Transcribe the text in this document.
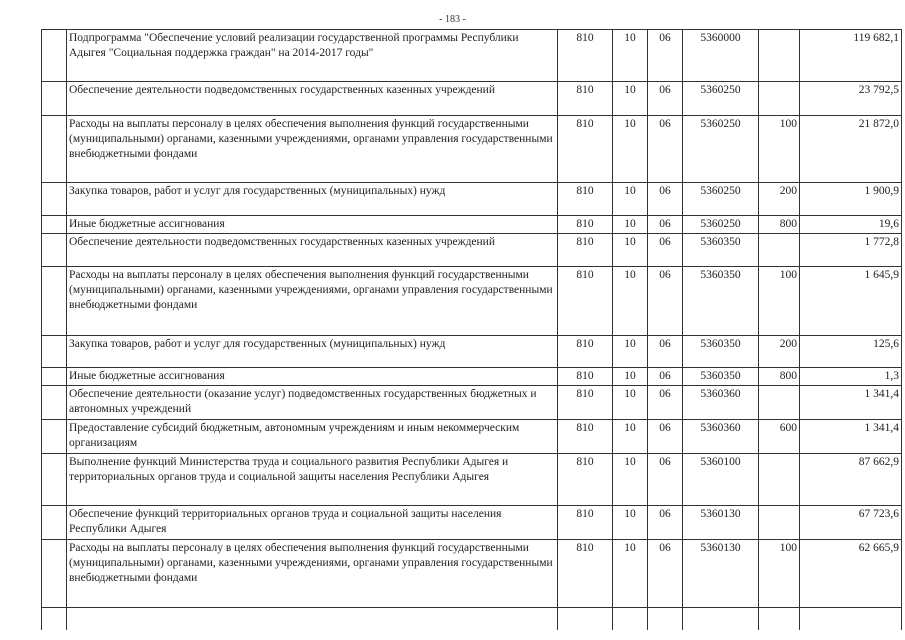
- 183 -
	Подпрограмма "Обеспечение условий реализации государственной программы Республики Адыгея "Социальная поддержка граждан" на 2014-2017 годы"	810	10	06	5360000		119 682,1
	Обеспечение деятельности подведомственных государственных казенных учреждений	810	10	06	5360250		23 792,5
	Расходы на выплаты персоналу в целях обеспечения выполнения функций государственными (муниципальными) органами, казенными учреждениями, органами управления государственными внебюджетными фондами	810	10	06	5360250	100	21 872,0
	Закупка товаров, работ и услуг для государственных (муниципальных) нужд	810	10	06	5360250	200	1 900,9
	Иные бюджетные ассигнования	810	10	06	5360250	800	19,6
	Обеспечение деятельности подведомственных государственных казенных учреждений	810	10	06	5360350		1 772,8
	Расходы на выплаты персоналу в целях обеспечения выполнения функций государственными (муниципальными) органами, казенными учреждениями, органами управления государственными внебюджетными фондами	810	10	06	5360350	100	1 645,9
	Закупка товаров, работ и услуг для государственных (муниципальных) нужд	810	10	06	5360350	200	125,6
	Иные бюджетные ассигнования	810	10	06	5360350	800	1,3
	Обеспечение деятельности (оказание услуг) подведомственных государственных бюджетных и автономных учреждений	810	10	06	5360360		1 341,4
	Предоставление субсидий бюджетным, автономным учреждениям и иным некоммерческим организациям	810	10	06	5360360	600	1 341,4
	Выполнение функций Министерства труда и социального развития Республики Адыгея и территориальных органов труда и социальной защиты населения Республики Адыгея	810	10	06	5360100		87 662,9
	Обеспечение функций территориальных органов труда и социальной защиты населения Республики Адыгея	810	10	06	5360130		67 723,6
	Расходы на выплаты персоналу в целях обеспечения выполнения функций государственными (муниципальными) органами, казенными учреждениями, органами управления государственными внебюджетными фондами	810	10	06	5360130	100	62 665,9
